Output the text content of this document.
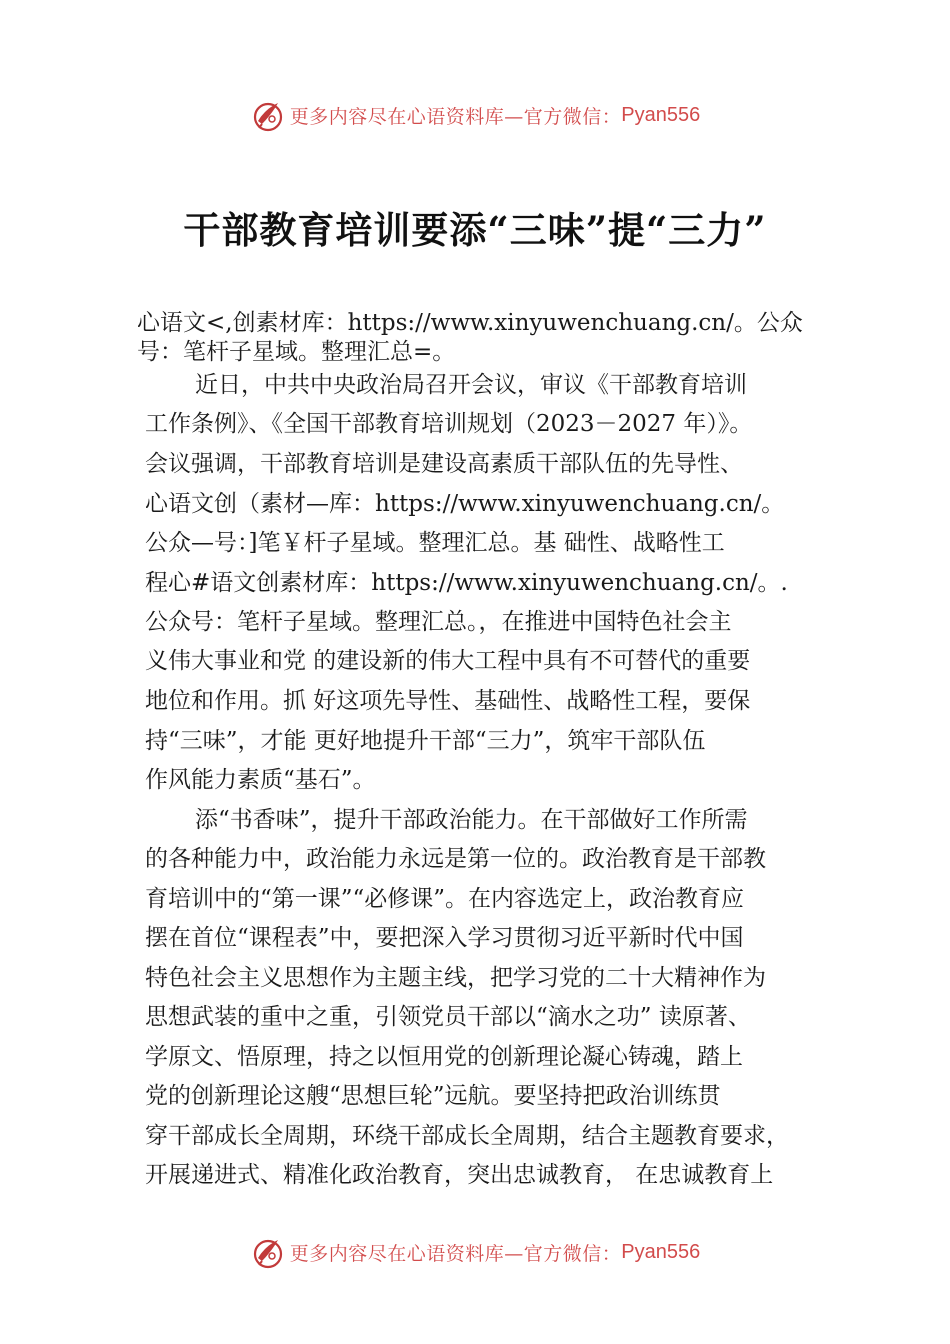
更多内容尽在心语资料库—官方微信： Pyan556
干部教育培训要添“三味”提“三力”
心语文<,创素材库：https://www.xinyuwenchuang.cn/。公众
号：笔杆子星域。整理汇总=。
近日，中共中央政治局召开会议，审议《干部教育培训
工作条例》、《全国干部教育培训规划（2023－2027 年）》。
会议强调，干部教育培训是建设高素质干部队伍的先导性、
心语文创（素材—库：https://www.xinyuwenchuang.cn/。
公众—号：]笔￥杆子星域。整理汇总。基 础性、战略性工
程心#语文创素材库：https://www.xinyuwenchuang.cn/。.
公众号：笔杆子星域。整理汇总。，在推进中国特色社会主
义伟大事业和党 的建设新的伟大工程中具有不可替代的重要
地位和作用。抓 好这项先导性、基础性、战略性工程，要保
持“三味”，才能 更好地提升干部“三力”，筑牢干部队伍
作风能力素质“基石”。
添“书香味”，提升干部政治能力。在干部做好工作所需
的各种能力中，政治能力永远是第一位的。政治教育是干部教
育培训中的“第一课”“必修课”。在内容选定上，政治教育应
摆在首位“课程表”中，要把深入学习贯彻习近平新时代中国
特色社会主义思想作为主题主线，把学习党的二十大精神作为
思想武装的重中之重，引领党员干部以“滴水之功” 读原著、
学原文、悟原理，持之以恒用党的创新理论凝心铸魂，踏上
党的创新理论这艘“思想巨轮”远航。要坚持把政治训练贯
穿干部成长全周期，环绕干部成长全周期，结合主题教育要求，
开展递进式、精准化政治教育，突出忠诚教育， 在忠诚教育上
更多内容尽在心语资料库—官方微信： Pyan556
